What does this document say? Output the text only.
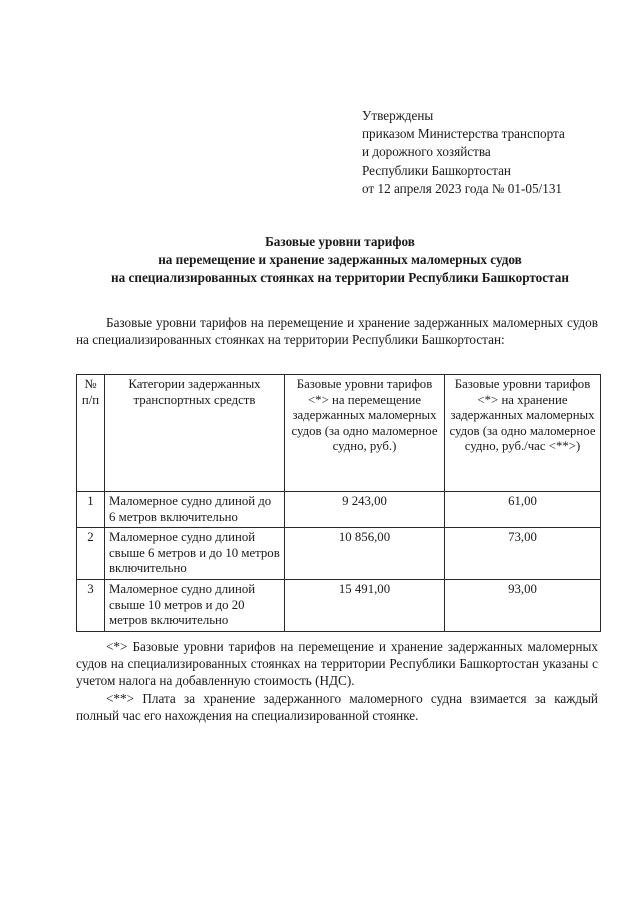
Утверждены
приказом Министерства транспорта
и дорожного хозяйства
Республики Башкортостан
от 12 апреля 2023 года № 01-05/131
Базовые уровни тарифов
на перемещение и хранение задержанных маломерных судов
на специализированных стоянках на территории Республики Башкортостан
Базовые уровни тарифов на перемещение и хранение задержанных маломерных судов на специализированных стоянках на территории Республики Башкортостан:
№ п/п	Категории задержанных транспортных средств	Базовые уровни тарифов <*> на перемещение задержанных маломерных судов (за одно маломерное судно, руб.)	Базовые уровни тарифов <*> на хранение задержанных маломерных судов (за одно маломерное судно, руб./час <**>)
1	Маломерное судно длиной до 6 метров включительно	9 243,00	61,00
2	Маломерное судно длиной свыше 6 метров и до 10 метров включительно	10 856,00	73,00
3	Маломерное судно длиной свыше 10 метров и до 20 метров включительно	15 491,00	93,00

<*> Базовые уровни тарифов на перемещение и хранение задержанных маломерных судов на специализированных стоянках на территории Республики Башкортостан указаны с учетом налога на добавленную стоимость (НДС).

<**> Плата за хранение задержанного маломерного судна взимается за каждый полный час его нахождения на специализированной стоянке.
